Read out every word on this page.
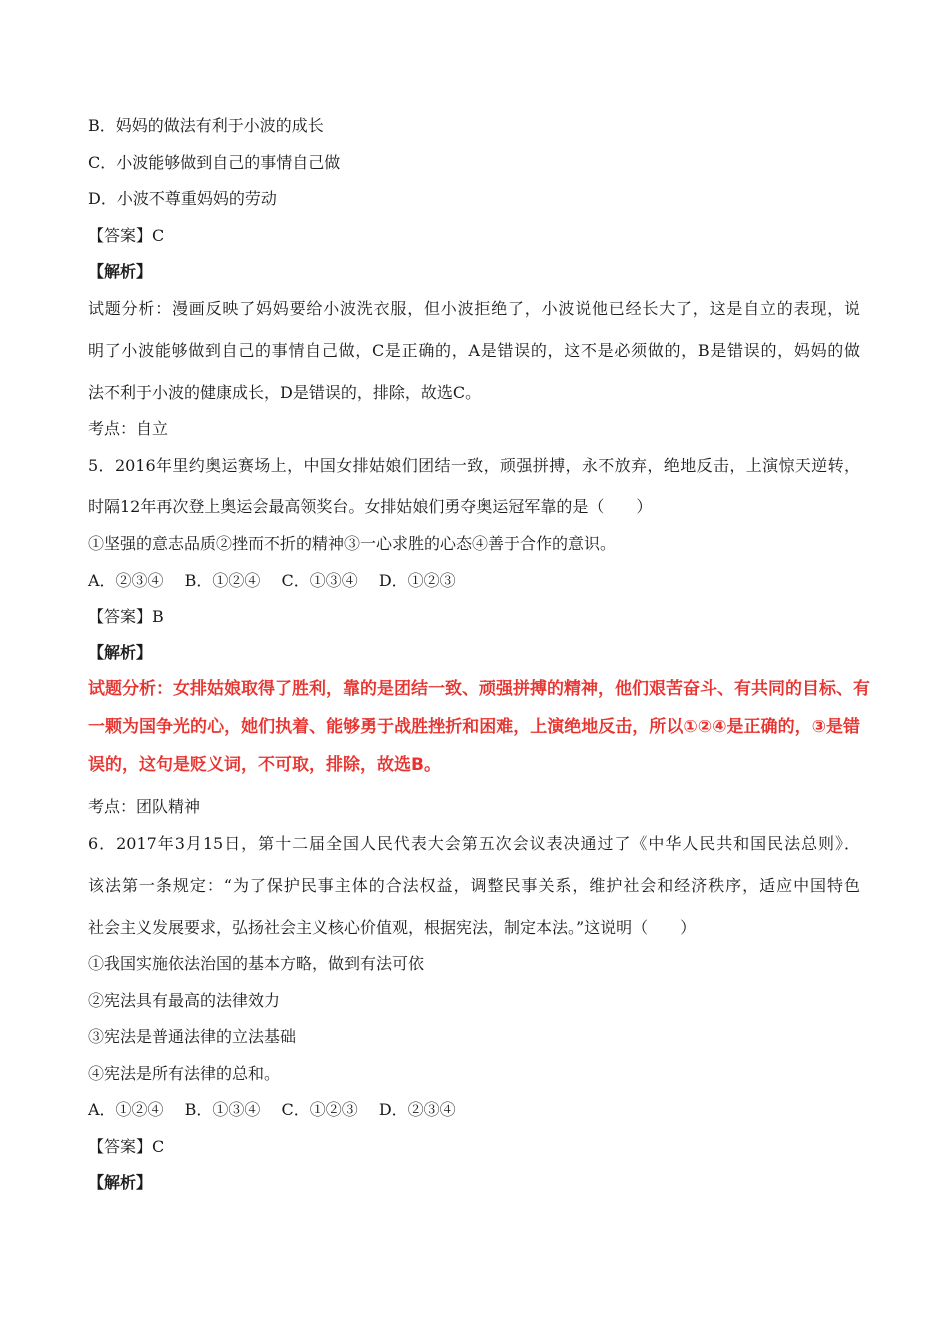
B．妈妈的做法有利于小波的成长
C．小波能够做到自己的事情自己做
D．小波不尊重妈妈的劳动
【答案】C
【解析】
试题分析：漫画反映了妈妈要给小波洗衣服，但小波拒绝了，小波说他已经长大了，这是自立的表现，说
明了小波能够做到自己的事情自己做，C是正确的，A是错误的，这不是必须做的，B是错误的，妈妈的做
法不利于小波的健康成长，D是错误的，排除，故选C。
考点：自立
5．2016年里约奥运赛场上，中国女排姑娘们团结一致，顽强拼搏，永不放弃，绝地反击，上演惊天逆转，
时隔12年再次登上奥运会最高领奖台。女排姑娘们勇夺奥运冠军靠的是（　　）
①坚强的意志品质②挫而不折的精神③一心求胜的心态④善于合作的意识。
A．②③④　 B．①②④　 C．①③④　 D．①②③
【答案】B
【解析】
试题分析：女排姑娘取得了胜利，靠的是团结一致、顽强拼搏的精神，他们艰苦奋斗、有共同的目标、有
一颗为国争光的心，她们执着、能够勇于战胜挫折和困难，上演绝地反击，所以①②④是正确的，③是错
误的，这句是贬义词，不可取，排除，故选B。
考点：团队精神
6．2017年3月15日，第十二届全国人民代表大会第五次会议表决通过了《中华人民共和国民法总则》．
该法第一条规定：“为了保护民事主体的合法权益，调整民事关系，维护社会和经济秩序，适应中国特色
社会主义发展要求，弘扬社会主义核心价值观，根据宪法，制定本法。”这说明（　　）
①我国实施依法治国的基本方略，做到有法可依
②宪法具有最高的法律效力
③宪法是普通法律的立法基础
④宪法是所有法律的总和。
A．①②④　 B．①③④　 C．①②③　 D．②③④
【答案】C
【解析】
